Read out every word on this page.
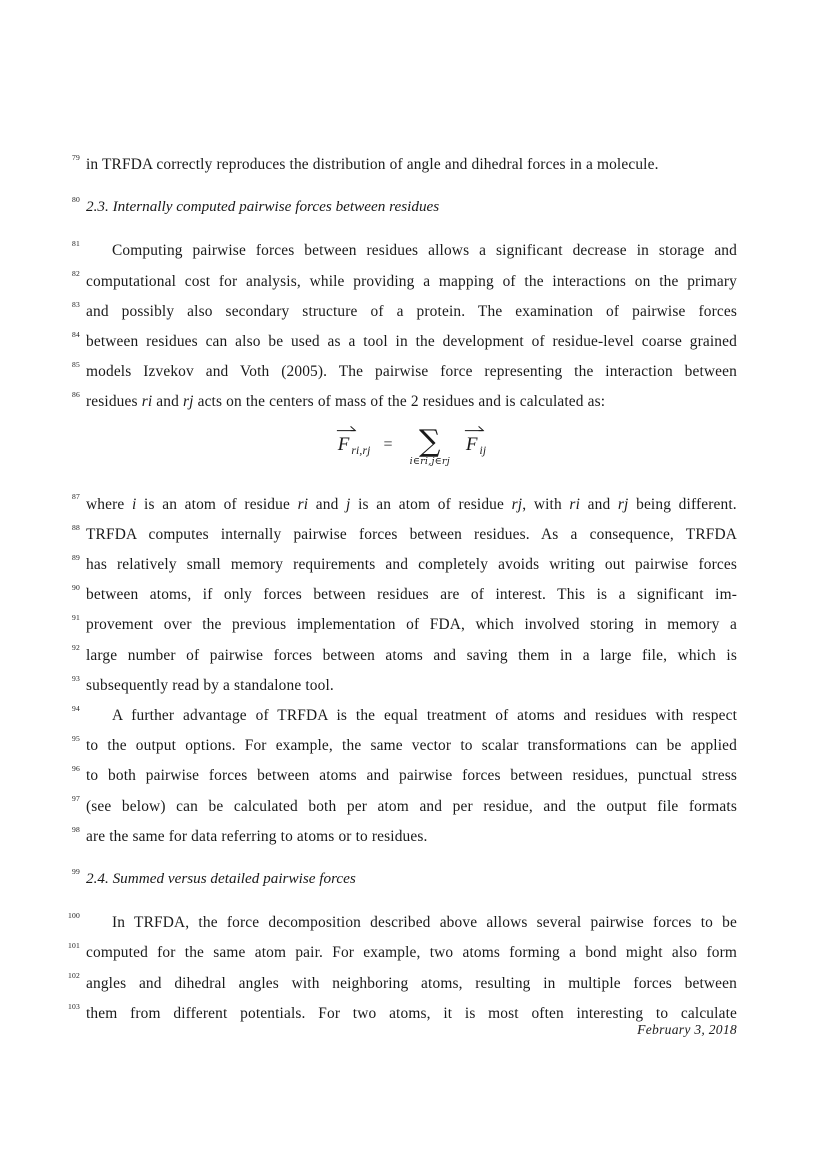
79 in TRFDA correctly reproduces the distribution of angle and dihedral forces in a molecule.
80 2.3. Internally computed pairwise forces between residues
81	Computing pairwise forces between residues allows a significant decrease in storage and
82 computational cost for analysis, while providing a mapping of the interactions on the primary
83 and possibly also secondary structure of a protein. The examination of pairwise forces
84 between residues can also be used as a tool in the development of residue-level coarse grained
85 models Izvekov and Voth (2005). The pairwise force representing the interaction between
86 residues ri and rj acts on the centers of mass of the 2 residues and is calculated as:
F $_{ri,rj}$ = ∑
i∈ri,j∈rj
F $_{ij}$
87 where i is an atom of residue ri and j is an atom of residue rj, with ri and rj being different.
88 TRFDA computes internally pairwise forces between residues. As a consequence, TRFDA
89 has relatively small memory requirements and completely avoids writing out pairwise forces
90 between atoms, if only forces between residues are of interest. This is a significant im-
91 provement over the previous implementation of FDA, which involved storing in memory a
92 large number of pairwise forces between atoms and saving them in a large file, which is
93 subsequently read by a standalone tool.
94	A further advantage of TRFDA is the equal treatment of atoms and residues with respect
95 to the output options. For example, the same vector to scalar transformations can be applied
96 to both pairwise forces between atoms and pairwise forces between residues, punctual stress
97 (see below) can be calculated both per atom and per residue, and the output file formats
98 are the same for data referring to atoms or to residues.
99 2.4. Summed versus detailed pairwise forces
100	In TRFDA, the force decomposition described above allows several pairwise forces to be
101 computed for the same atom pair. For example, two atoms forming a bond might also form
102 angles and dihedral angles with neighboring atoms, resulting in multiple forces between
103 them from different potentials. For two atoms, it is most often interesting to calculate
February 3, 2018
